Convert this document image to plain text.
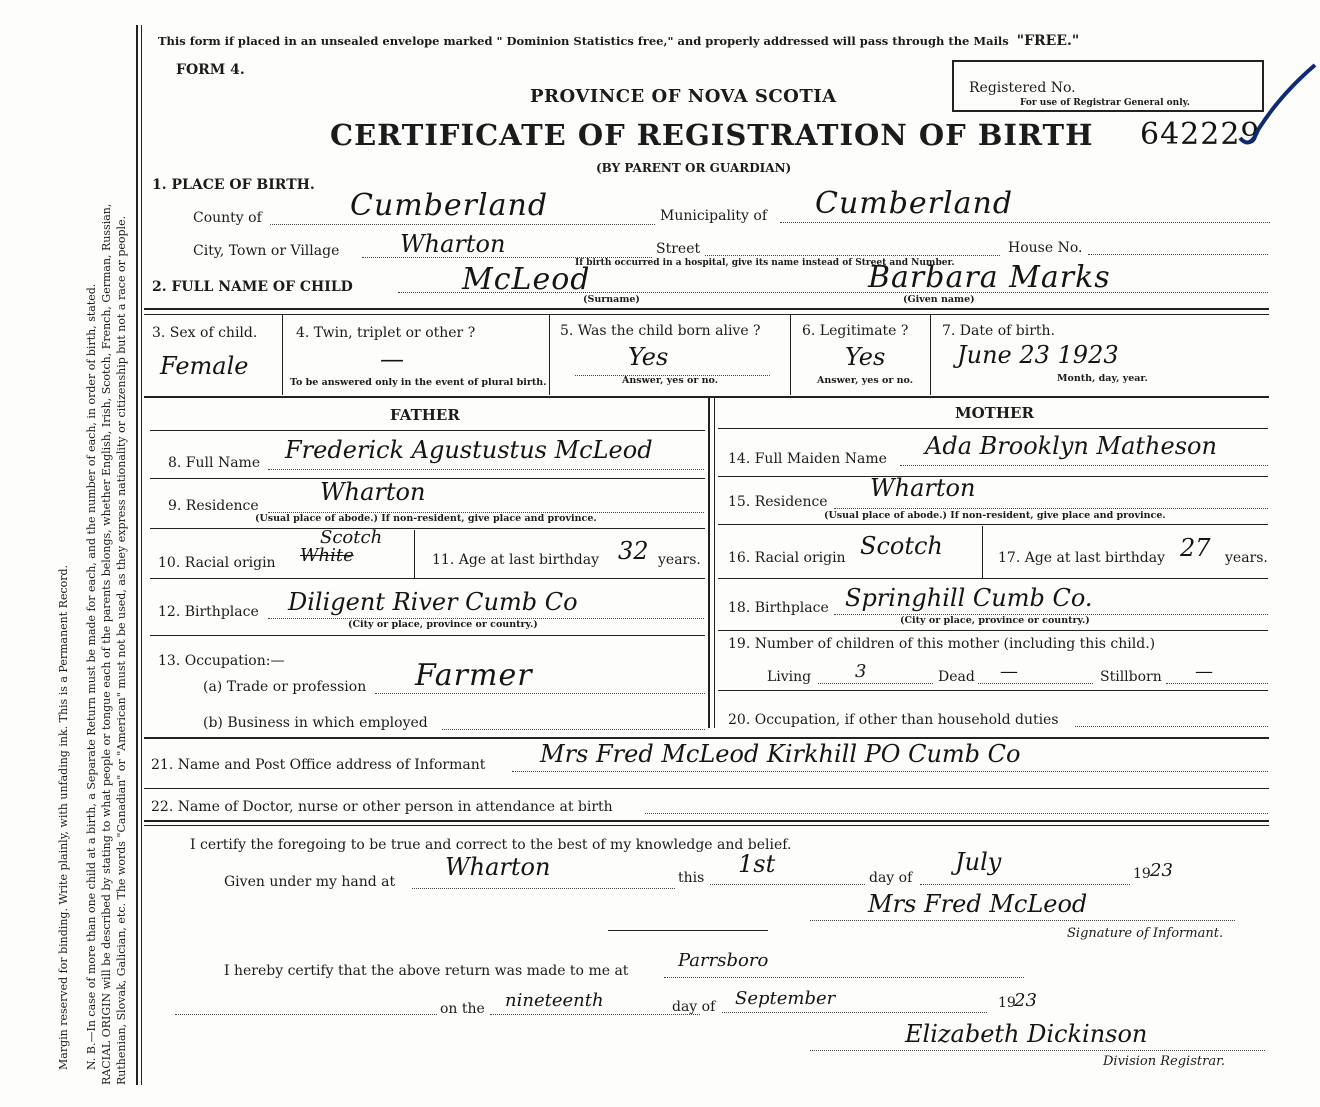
Margin reserved for binding. Write plainly, with unfading ink. This is a Permanent Record. N. B.—In case of more than one child at a birth, a Separate Return must be made for each, and the number of each, in order of birth, stated. RACIAL ORIGIN will be described by stating to what people or tongue each of the parents belongs, whether English, Irish, Scotch, French, German, Russian, Ruthenian, Slovak, Galician, etc. The words "Canadian" or "American" must not be used, as they express nationality or citizenship but not a race or people.
This form if placed in an unsealed envelope marked " Dominion Statistics free," and properly addressed will pass through the Mails "FREE."
FORM 4.
PROVINCE OF NOVA SCOTIA
CERTIFICATE OF REGISTRATION OF BIRTH
(BY PARENT OR GUARDIAN)
Registered No.
For use of Registrar General only.
642229
1. PLACE OF BIRTH.
County of	Cumberland	Municipality of Cumberland
City, Town or Village	Wharton	Street	House No.
If birth occurred in a hospital, give its name instead of Street and Number.
2. FULL NAME OF CHILD	McLeod
(Surname)
Barbara Marks
(Given name)
3. Sex of child.
Female
4. Twin, triplet or other ?
—
To be answered only in the event of plural birth.
5. Was the child born alive ?
Yes
Answer, yes or no.
6. Legitimate ?
Yes
Answer, yes or no.
7. Date of birth.
June 23 1923
Month, day, year.
FATHER	MOTHER
8. Full Name Frederick Agustustus McLeod
9. Residence	Wharton
(Usual place of abode.) If non-resident, give place and province.
10. Racial origin White
Scotch
11. Age at last birthday 32 years.
12. Birthplace Diligent River Cumb Co
(City or place, province or country.)
13. Occupation:—
(a) Trade or profession Farmer
(b) Business in which employed
14. Full Maiden Name Ada Brooklyn Matheson
15. Residence Wharton
(Usual place of abode.) If non-resident, give place and province.
16. Racial origin Scotch	17. Age at last birthday 27 years.
18. Birthplace Springhill Cumb Co.
(City or place, province or country.)
19. Number of children of this mother (including this child.)
Living 3	Dead —	Stillborn —
20. Occupation, if other than household duties
21. Name and Post Office address of Informant Mrs Fred McLeod Kirkhill PO Cumb Co
22. Name of Doctor, nurse or other person in attendance at birth
I certify the foregoing to be true and correct to the best of my knowledge and belief.
Given under my hand at
Wharton	this 1st	day of
July	19 23
Mrs Fred McLeod
Signature of Informant.
I hereby certify that the above return was made to me at	Parrsboro
on the nineteenth	day of September	19
23
Elizabeth Dickinson
Division Registrar.
